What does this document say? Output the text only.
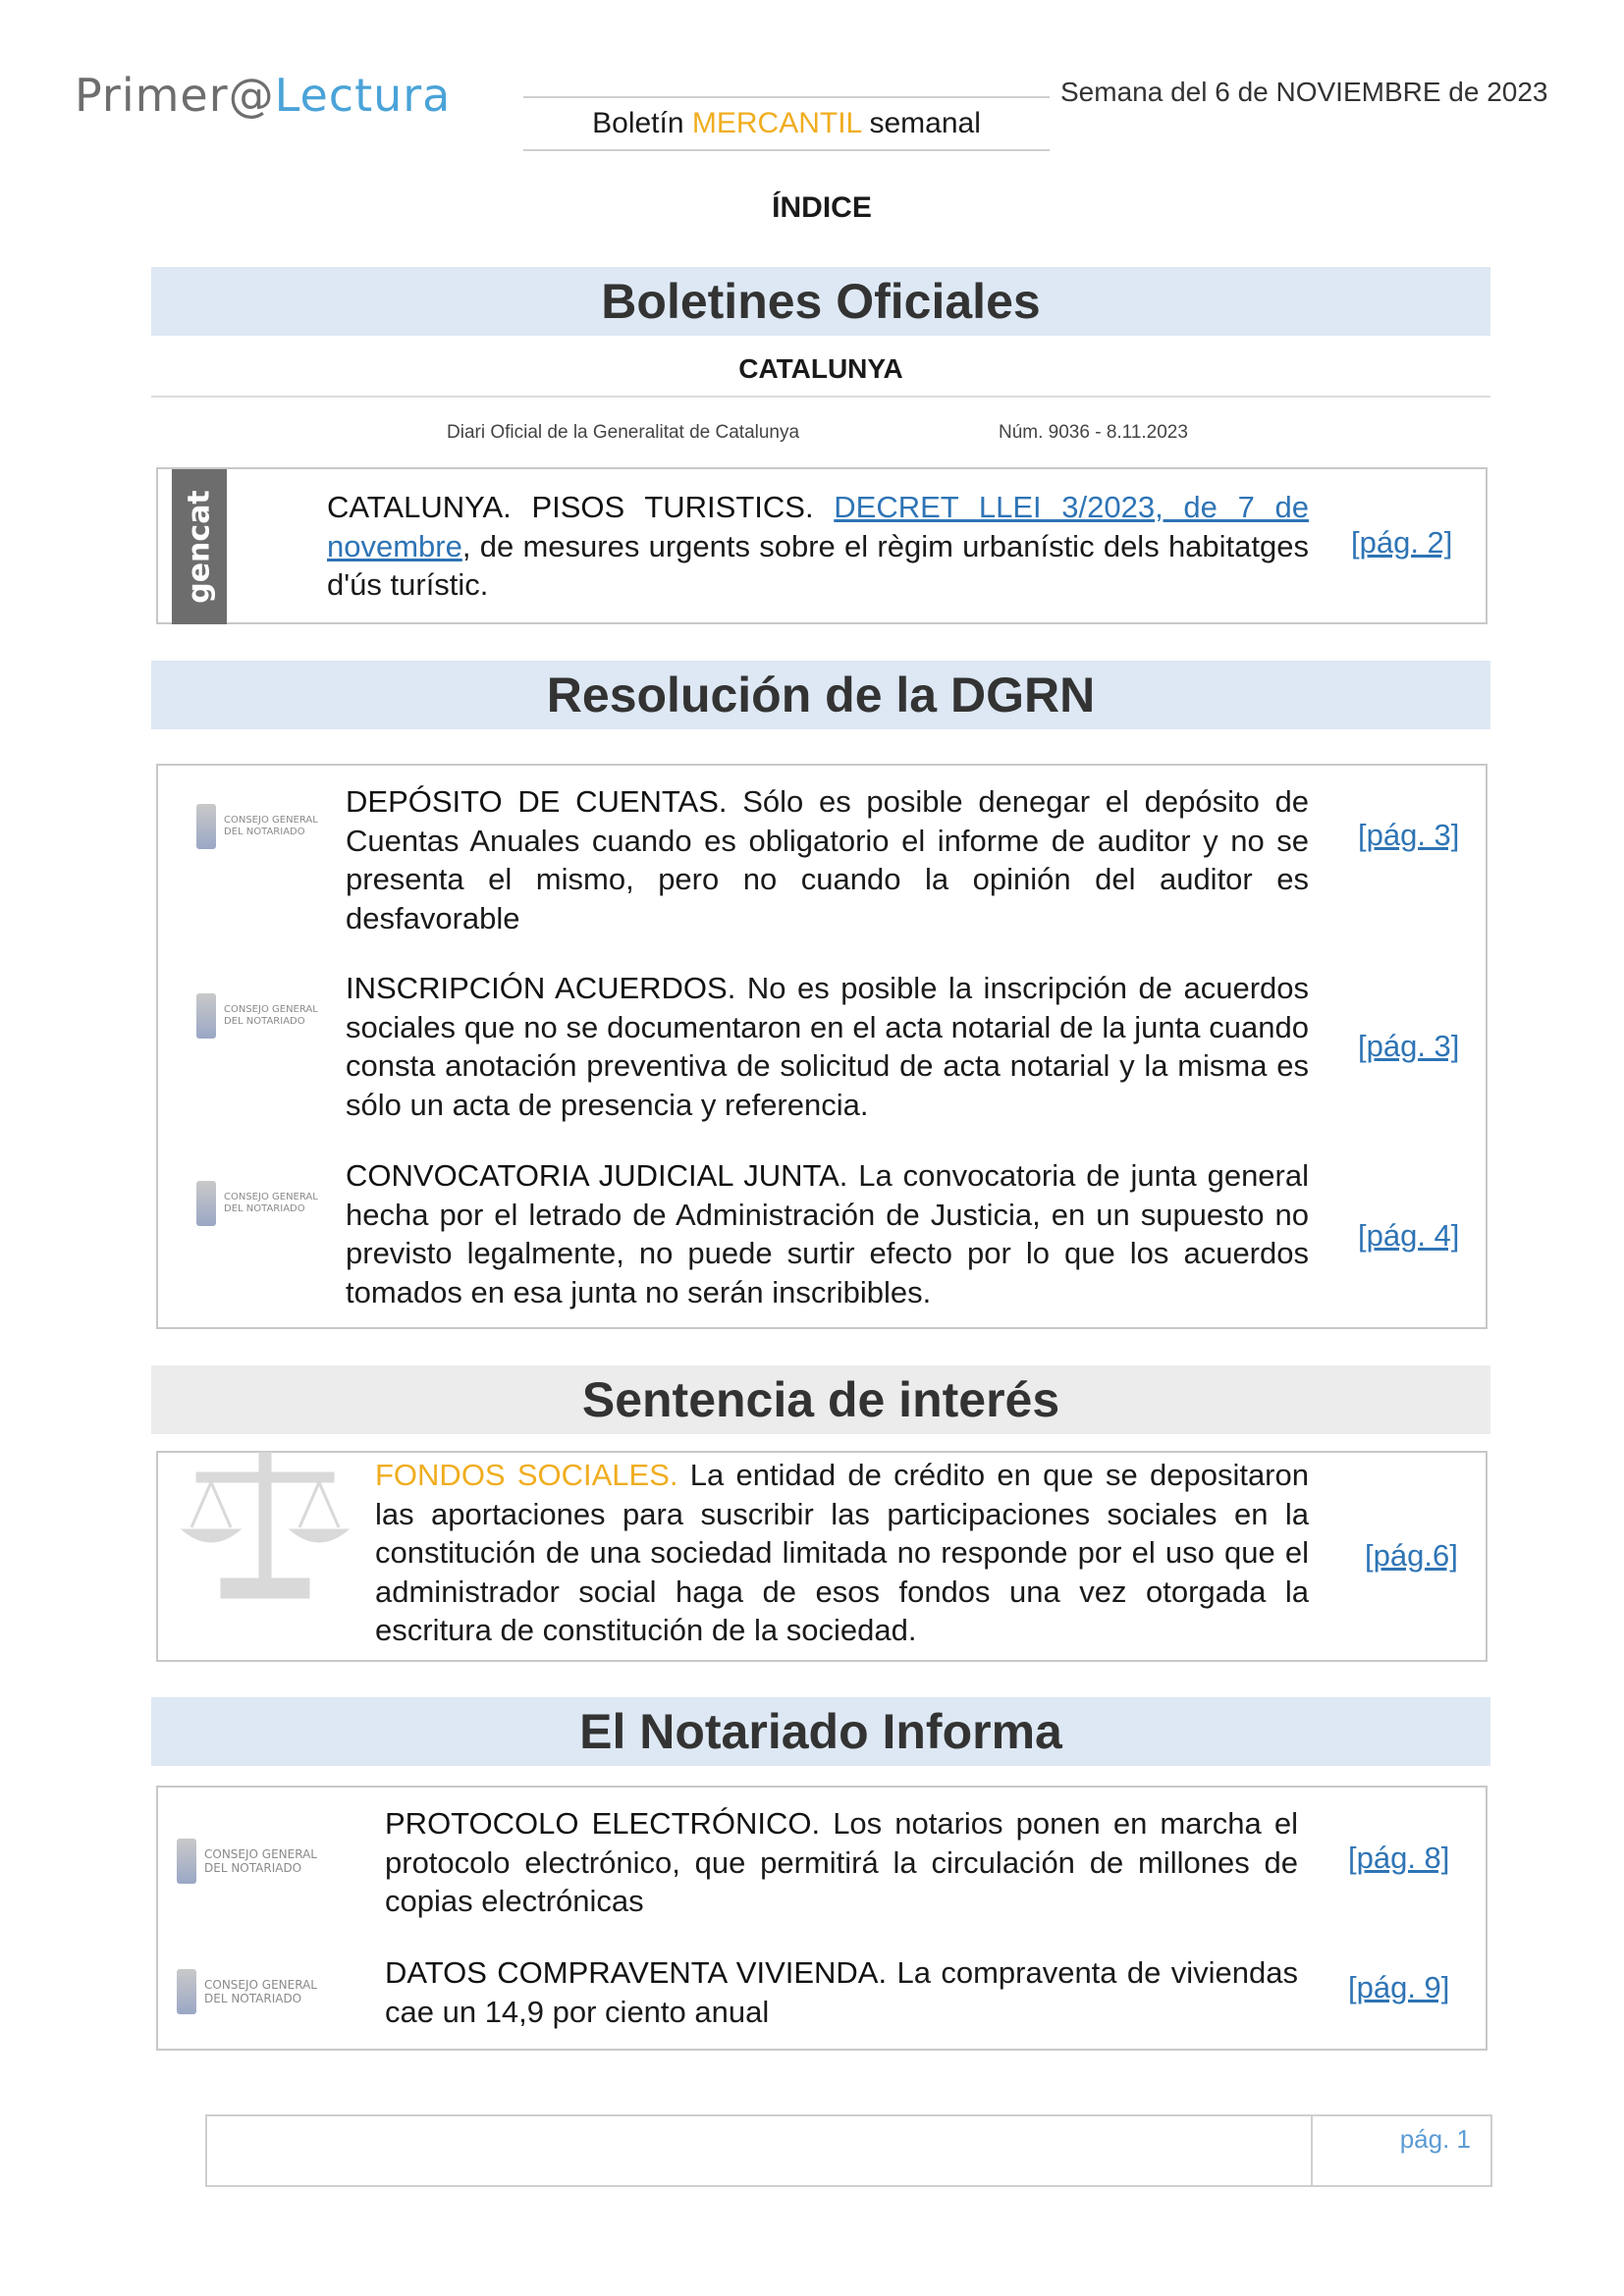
Primer@Lectura
Boletín MERCANTIL semanal
Semana del 6 de NOVIEMBRE de 2023
ÍNDICE
Boletines Oficiales
CATALUNYA
Diari Oficial de la Generalitat de Catalunya	Núm. 9036 - 8.11.2023
gencat	CATALUNYA. PISOS TURISTICS. DECRET LLEI 3/2023, de 7 de novembre, de mesures urgents sobre el règim urbanístic dels habitatges d'ús turístic.
[pág. 2]
Resolución de la DGRN
CONSEJO GENERAL
DEL NOTARIADO
DEPÓSITO DE CUENTAS. Sólo es posible denegar el depósito de Cuentas Anuales cuando es obligatorio el informe de auditor y no se presenta el mismo, pero no cuando la opinión del auditor es desfavorable
[pág. 3]
CONSEJO GENERAL
DEL NOTARIADO
INSCRIPCIÓN ACUERDOS. No es posible la inscripción de acuerdos sociales que no se documentaron en el acta notarial de la junta cuando consta anotación preventiva de solicitud de acta notarial y la misma es sólo un acta de presencia y referencia.
[pág. 3]
CONSEJO GENERAL
DEL NOTARIADO
CONVOCATORIA JUDICIAL JUNTA. La convocatoria de junta general hecha por el letrado de Administración de Justicia, en un supuesto no previsto legalmente, no puede surtir efecto por lo que los acuerdos tomados en esa junta no serán inscribibles.
[pág. 4]
Sentencia de interés
FONDOS SOCIALES. La entidad de crédito en que se depositaron las aportaciones para suscribir las participaciones sociales en la constitución de una sociedad limitada no responde por el uso que el administrador social haga de esos fondos una vez otorgada la escritura de constitución de la sociedad.
[pág.6]
El Notariado Informa
CONSEJO GENERAL
DEL NOTARIADO
PROTOCOLO ELECTRÓNICO. Los notarios ponen en marcha el protocolo electrónico, que permitirá la circulación de millones de copias electrónicas
[pág. 8]
CONSEJO GENERAL
DEL NOTARIADO
DATOS COMPRAVENTA VIVIENDA. La compraventa de viviendas cae un 14,9 por ciento anual
[pág. 9]
pág. 1
